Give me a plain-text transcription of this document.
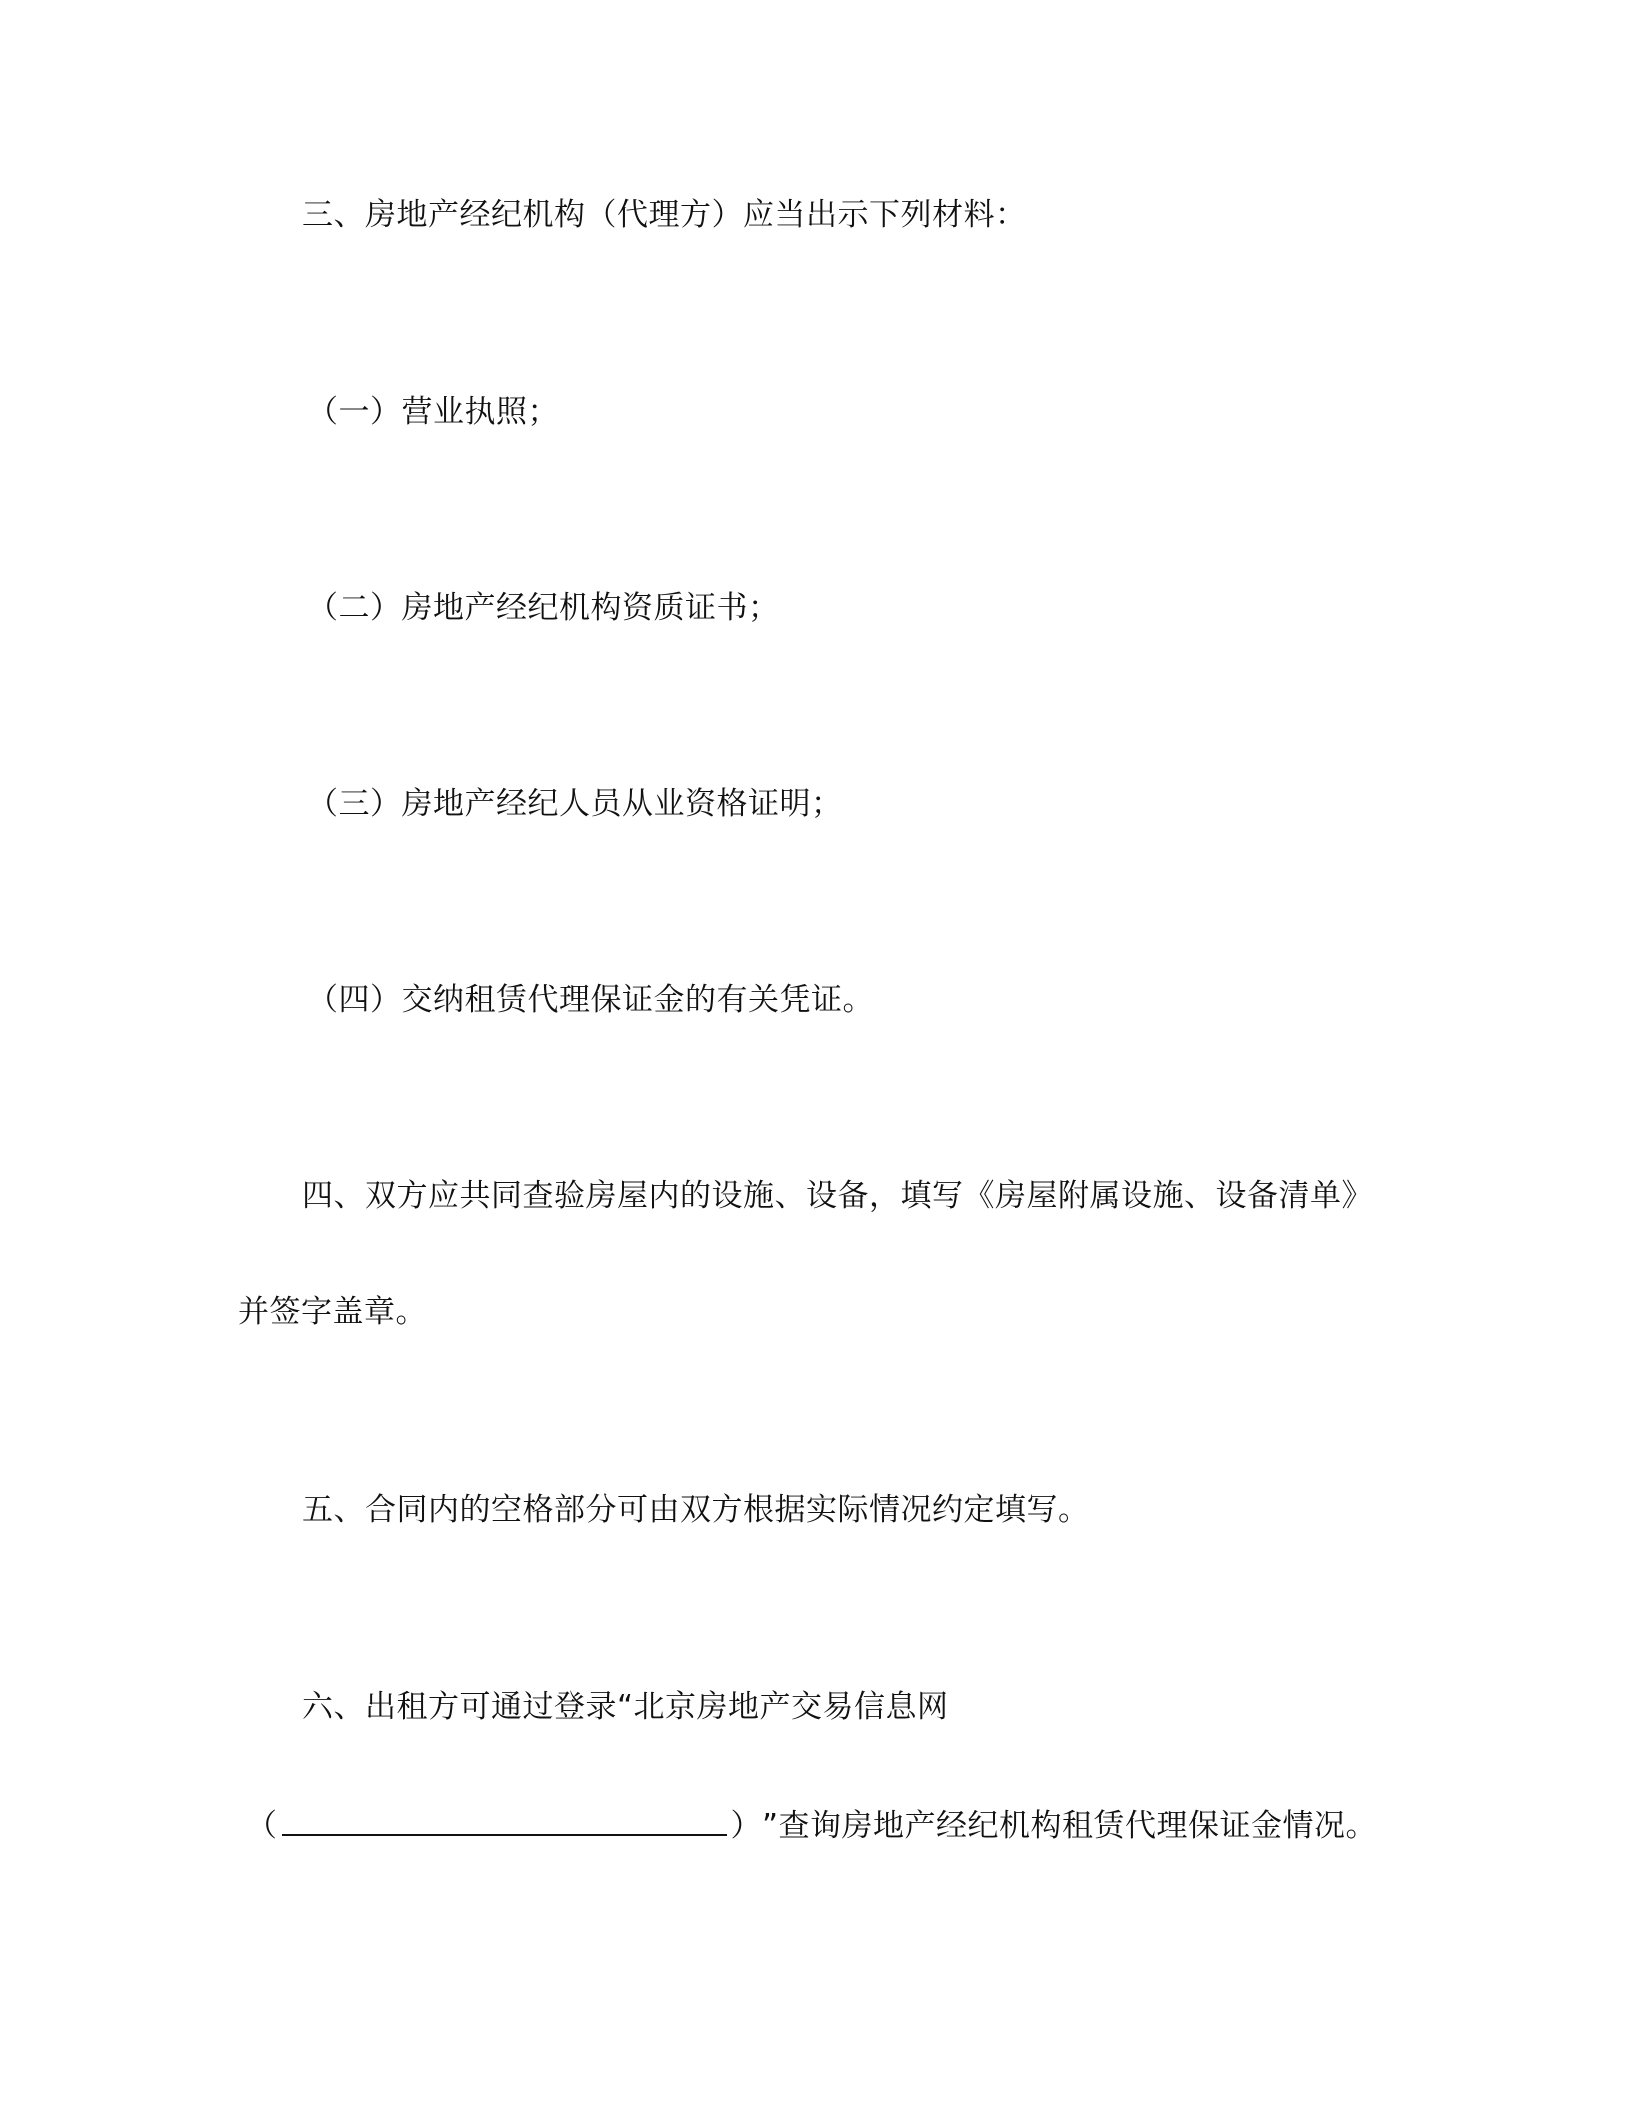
三、房地产经纪机构（代理方）应当出示下列材料：
（一）营业执照；
（二）房地产经纪机构资质证书；
（三）房地产经纪人员从业资格证明；
（四）交纳租赁代理保证金的有关凭证。
四、双方应共同查验房屋内的设施、设备，填写《房屋附属设施、设备清单》
并签字盖章。
五、合同内的空格部分可由双方根据实际情况约定填写。
六、出租方可通过登录“北京房地产交易信息网
（	）”查询房地产经纪机构租赁代理保证金情况。
